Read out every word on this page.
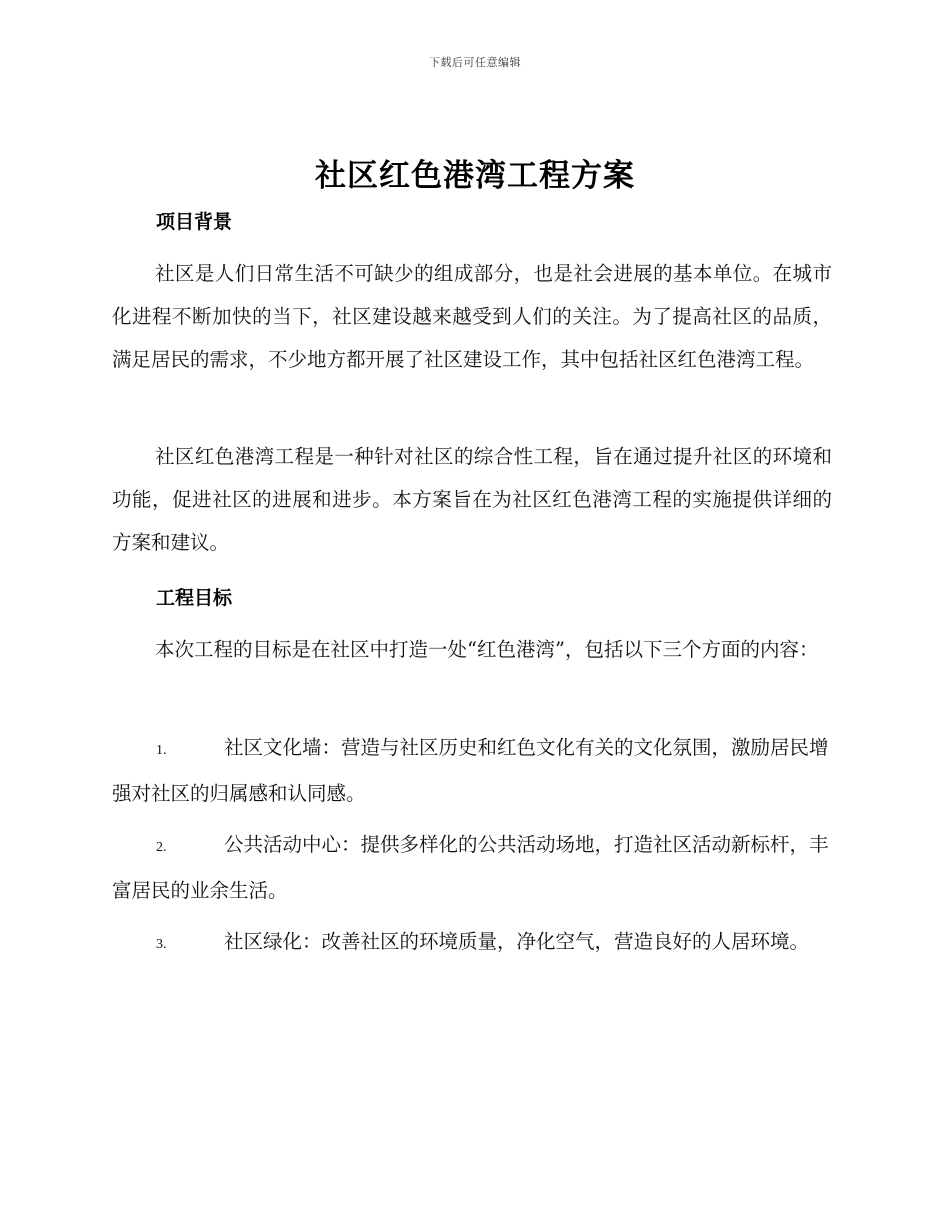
下载后可任意编辑
社区红色港湾工程方案
项目背景

社区是人们日常生活不可缺少的组成部分，也是社会进展的基本单位。在城市化进程不断加快的当下，社区建设越来越受到人们的关注。为了提高社区的品质，满足居民的需求，不少地方都开展了社区建设工作，其中包括社区红色港湾工程。

社区红色港湾工程是一种针对社区的综合性工程，旨在通过提升社区的环境和功能，促进社区的进展和进步。本方案旨在为社区红色港湾工程的实施提供详细的方案和建议。

工程目标

本次工程的目标是在社区中打造一处“红色港湾”，包括以下三个方面的内容：

1.	社区文化墙：营造与社区历史和红色文化有关的文化氛围，激励居民增强对社区的归属感和认同感。

2.	公共活动中心：提供多样化的公共活动场地，打造社区活动新标杆，丰富居民的业余生活。

3.	社区绿化：改善社区的环境质量，净化空气，营造良好的人居环境。
